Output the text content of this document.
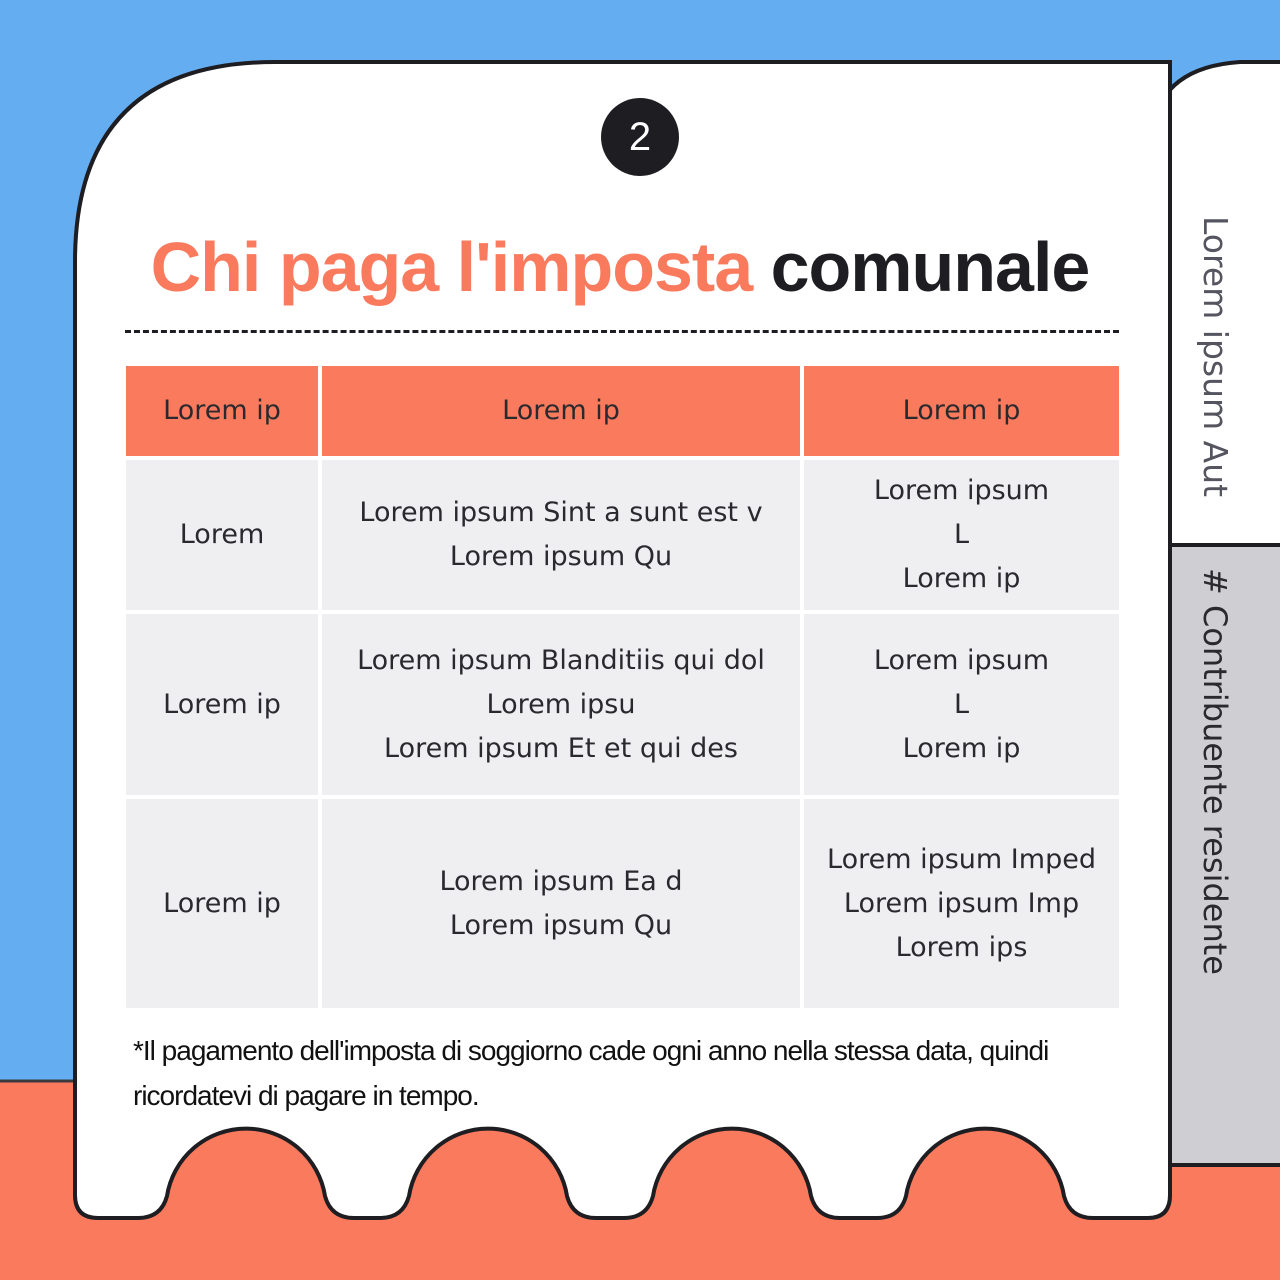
2
Chi paga l'imposta comunale
Lorem ip	Lorem ip	Lorem ip
Lorem
Lorem ipsum Sint a sunt est v
Lorem ipsum Qu
Lorem ipsum
L
Lorem ip
Lorem ip
Lorem ipsum Blanditiis qui dol
Lorem ipsu
Lorem ipsum Et et qui des
Lorem ipsum
L
Lorem ip
Lorem ip
Lorem ipsum Ea d
Lorem ipsum Qu
Lorem ipsum Imped
Lorem ipsum Imp
Lorem ips
*Il pagamento dell'imposta di soggiorno cade ogni anno nella stessa data, quindi ricordatevi di pagare in tempo.
Lorem ipsum Aut
# Contribuente residente
